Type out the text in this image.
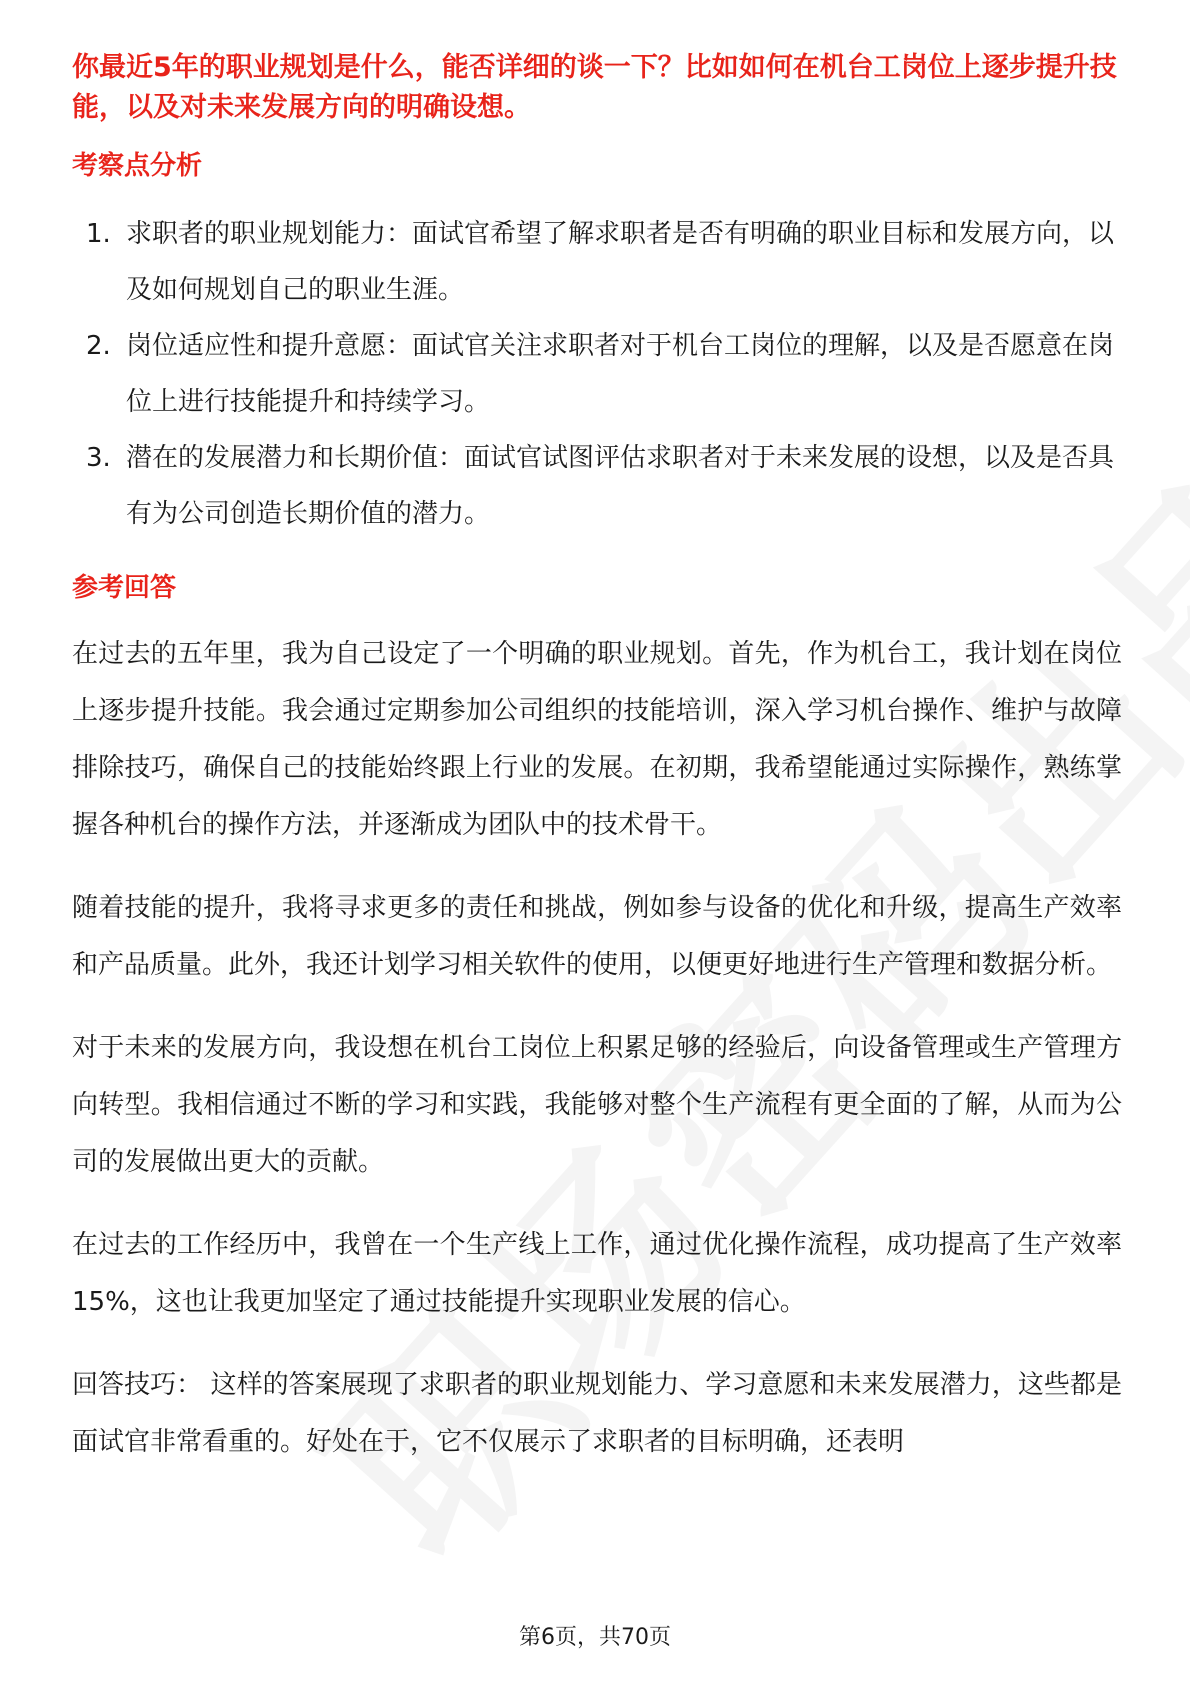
你最近5年的职业规划是什么，能否详细的谈一下？比如如何在机台工岗位上逐步提升技能，以及对未来发展方向的明确设想。

考察点分析
1. 求职者的职业规划能力：面试官希望了解求职者是否有明确的职业目标和发展方向，以及如何规划自己的职业生涯。
2. 岗位适应性和提升意愿：面试官关注求职者对于机台工岗位的理解，以及是否愿意在岗位上进行技能提升和持续学习。
3. 潜在的发展潜力和长期价值：面试官试图评估求职者对于未来发展的设想，以及是否具有为公司创造长期价值的潜力。
参考回答

在过去的五年里，我为自己设定了一个明确的职业规划。首先，作为机台工，我计划在岗位上逐步提升技能。我会通过定期参加公司组织的技能培训，深入学习机台操作、维护与故障排除技巧，确保自己的技能始终跟上行业的发展。在初期，我希望能通过实际操作，熟练掌握各种机台的操作方法，并逐渐成为团队中的技术骨干。

随着技能的提升，我将寻求更多的责任和挑战，例如参与设备的优化和升级，提高生产效率和产品质量。此外，我还计划学习相关软件的使用，以便更好地进行生产管理和数据分析。

对于未来的发展方向，我设想在机台工岗位上积累足够的经验后，向设备管理或生产管理方向转型。我相信通过不断的学习和实践，我能够对整个生产流程有更全面的了解，从而为公司的发展做出更大的贡献。

在过去的工作经历中，我曾在一个生产线上工作，通过优化操作流程，成功提高了生产效率15%，这也让我更加坚定了通过技能提升实现职业发展的信心。

回答技巧： 这样的答案展现了求职者的职业规划能力、学习意愿和未来发展潜力，这些都是面试官非常看重的。好处在于，它不仅展示了求职者的目标明确，还表明

第6页，共70页
